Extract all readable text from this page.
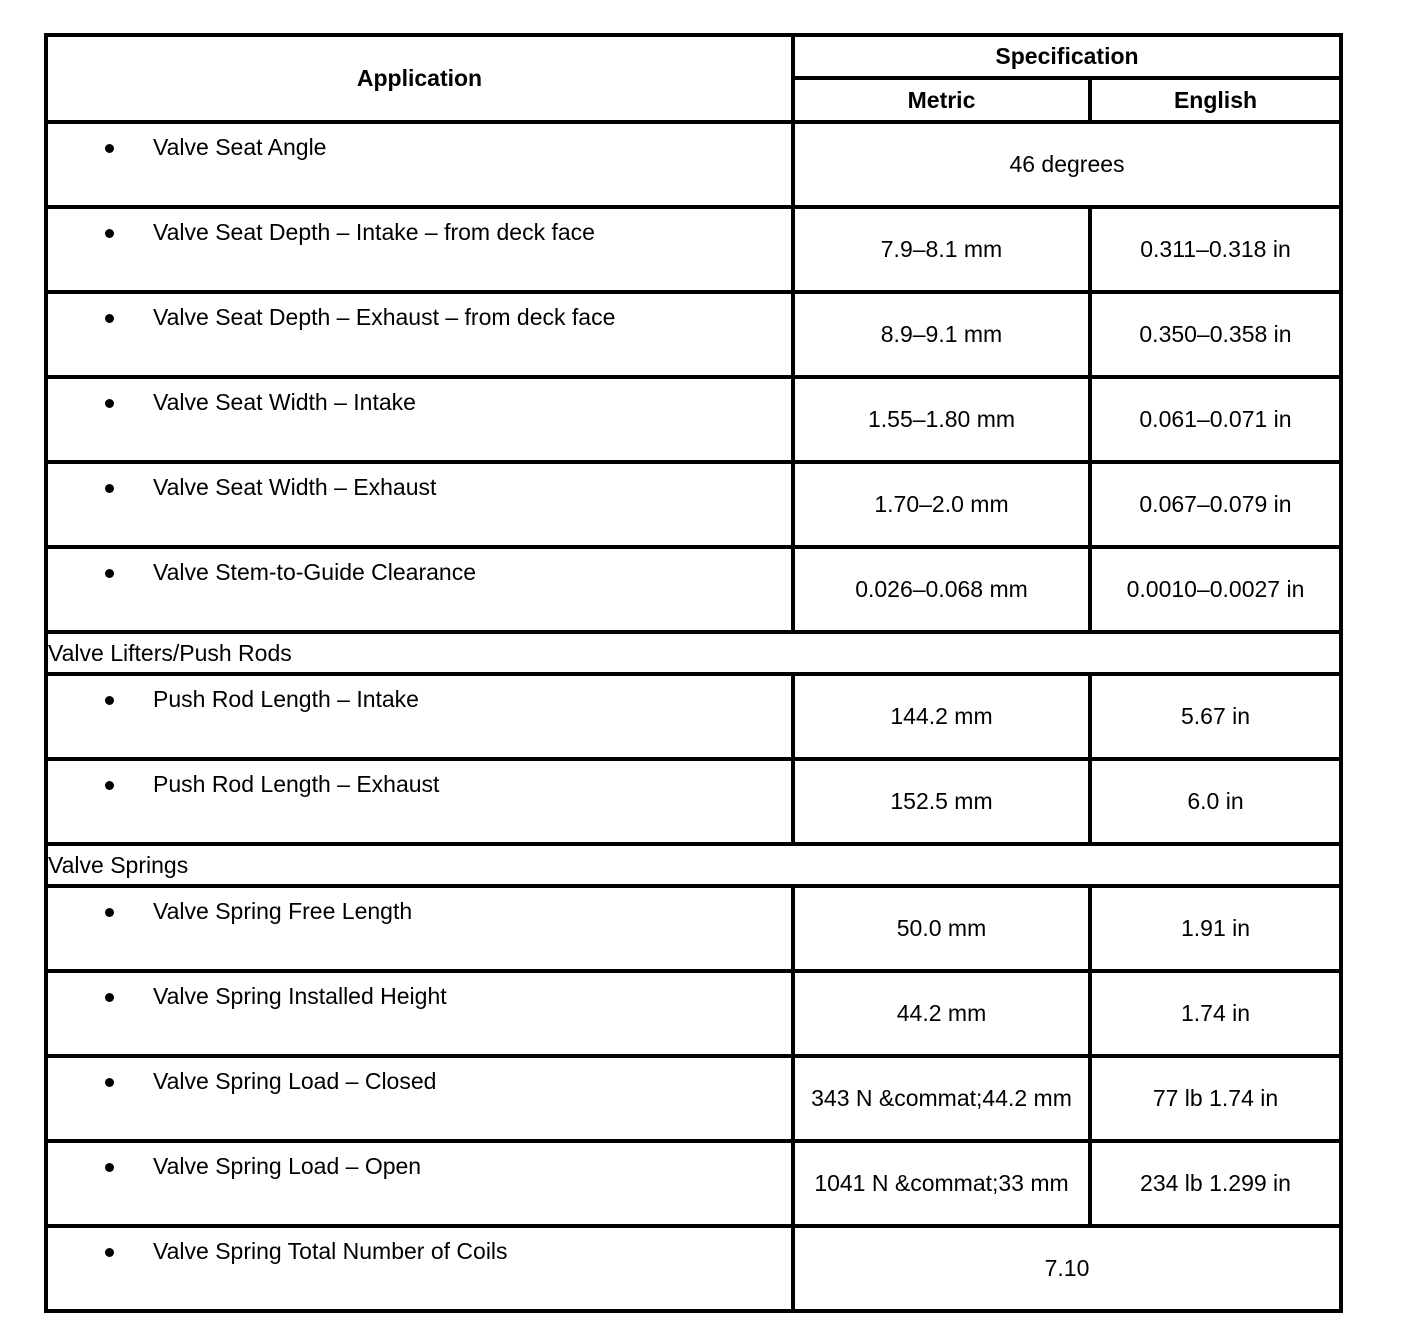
Application	Specification	
	Metric	English

Valve Seat Angle	46 degrees	

Valve Seat Depth – Intake – from deck face	7.9–8.1 mm	0.311–0.318 in

Valve Seat Depth – Exhaust – from deck face	8.9–9.1 mm	0.350–0.358 in

Valve Seat Width – Intake	1.55–1.80 mm	0.061–0.071 in

Valve Seat Width – Exhaust	1.70–2.0 mm	0.067–0.079 in

Valve Stem-to-Guide Clearance	0.026–0.068 mm	0.0010–0.0027 in
Valve Lifters/Push Rods		

Push Rod Length – Intake	144.2 mm	5.67 in

Push Rod Length – Exhaust	152.5 mm	6.0 in
Valve Springs		

Valve Spring Free Length	50.0 mm	1.91 in

Valve Spring Installed Height	44.2 mm	1.74 in

Valve Spring Load – Closed	343 N &commat;44.2 mm	77 lb 1.74 in

Valve Spring Load – Open	1041 N &commat;33 mm	234 lb 1.299 in

Valve Spring Total Number of Coils	7.10	
